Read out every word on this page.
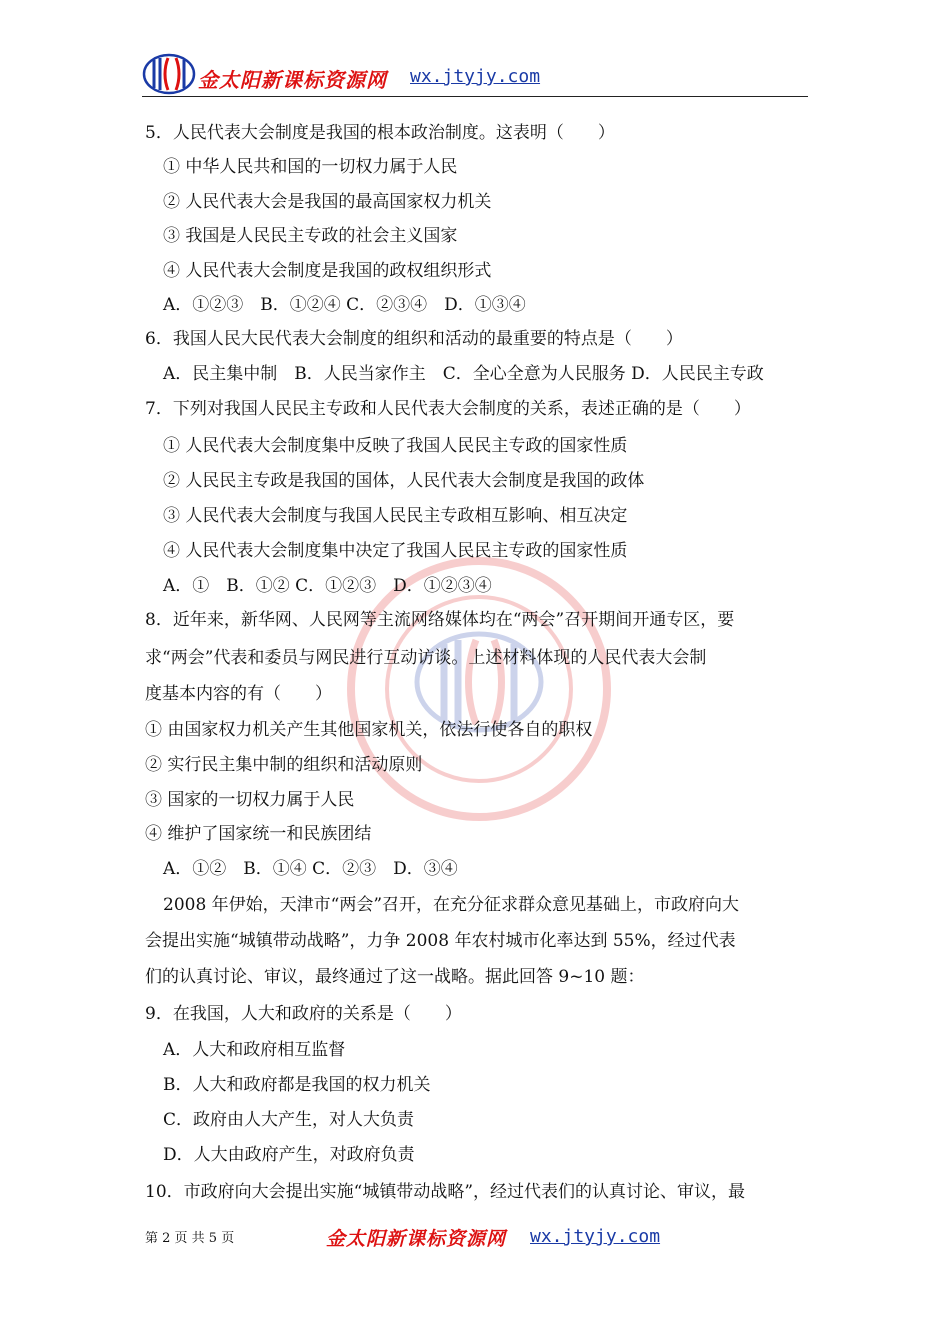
金太阳新课标资源网 wx.jtyjy.com
5．人民代表大会制度是我国的根本政治制度。这表明（　　）
① 中华人民共和国的一切权力属于人民
② 人民代表大会是我国的最高国家权力机关
③ 我国是人民民主专政的社会主义国家
④ 人民代表大会制度是我国的政权组织形式
A．①②③　B．①②④ C．②③④　D．①③④
6．我国人民大民代表大会制度的组织和活动的最重要的特点是（　　）
A．民主集中制　B．人民当家作主　C．全心全意为人民服务 D．人民民主专政
7．下列对我国人民民主专政和人民代表大会制度的关系，表述正确的是（　　）
① 人民代表大会制度集中反映了我国人民民主专政的国家性质
② 人民民主专政是我国的国体，人民代表大会制度是我国的政体
③ 人民代表大会制度与我国人民民主专政相互影响、相互决定
④ 人民代表大会制度集中决定了我国人民民主专政的国家性质
A．①　B．①② C．①②③　D．①②③④
8．近年来，新华网、人民网等主流网络媒体均在“两会”召开期间开通专区，要
求“两会”代表和委员与网民进行互动访谈。上述材料体现的人民代表大会制
度基本内容的有（　　）
① 由国家权力机关产生其他国家机关，依法行使各自的职权
② 实行民主集中制的组织和活动原则
③ 国家的一切权力属于人民
④ 维护了国家统一和民族团结
A．①②　B．①④ C．②③　D．③④
2008 年伊始，天津市“两会”召开，在充分征求群众意见基础上，市政府向大
会提出实施“城镇带动战略”，力争 2008 年农村城市化率达到 55%，经过代表
们的认真讨论、审议，最终通过了这一战略。据此回答 9~10 题：
9．在我国，人大和政府的关系是（　　）
A．人大和政府相互监督
B．人大和政府都是我国的权力机关
C．政府由人大产生，对人大负责
D．人大由政府产生，对政府负责
10．市政府向大会提出实施“城镇带动战略”，经过代表们的认真讨论、审议，最
第 2 页 共 5 页	金太阳新课标资源网 wx.jtyjy.com
